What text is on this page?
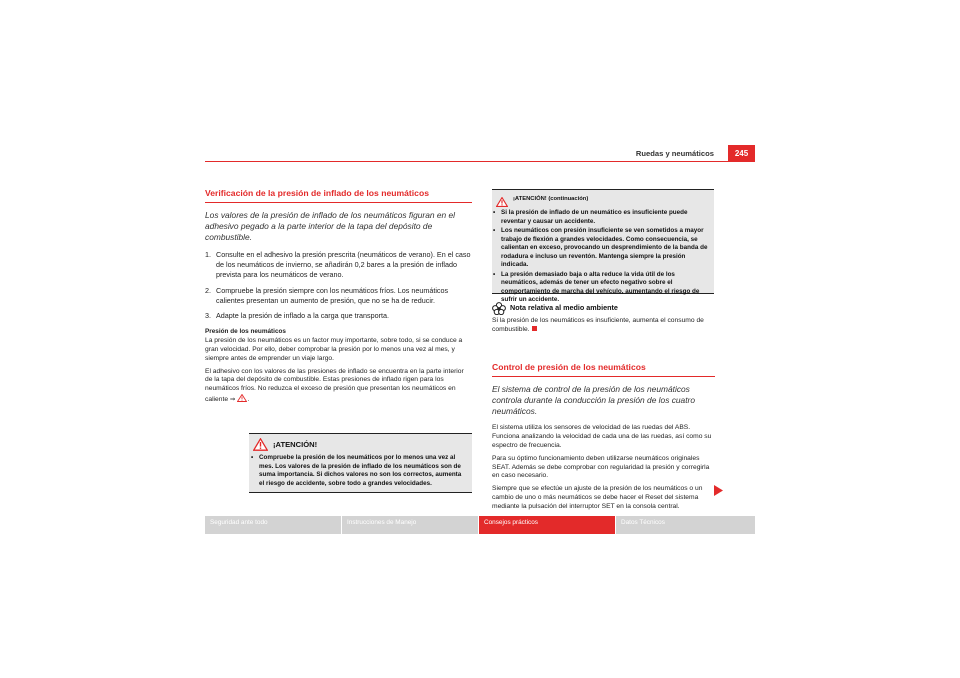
Ruedas y neumáticos	245
Verificación de la presión de inflado de los neumáticos
Los valores de la presión de inflado de los neumáticos figuran en el adhesivo pegado a la parte interior de la tapa del depósito de combustible.
1. Consulte en el adhesivo la presión prescrita (neumáticos de verano). En el caso de los neumáticos de invierno, se añadirán 0,2 bares a la presión de inflado prevista para los neumáticos de verano.
2. Compruebe la presión siempre con los neumáticos fríos. Los neumáticos calientes presentan un aumento de presión, que no se ha de reducir.
3. Adapte la presión de inflado a la carga que transporta.
Presión de los neumáticos

La presión de los neumáticos es un factor muy importante, sobre todo, si se conduce a gran velocidad. Por ello, deber comprobar la presión por lo menos una vez al mes, y siempre antes de emprender un viaje largo.

El adhesivo con los valores de las presiones de inflado se encuentra en la parte interior de la tapa del depósito de combustible. Estas presiones de inflado rigen para los neumáticos fríos. No reduzca el exceso de presión que presentan los neumáticos en caliente ⇒ .

¡ATENCIÓN!
• Compruebe la presión de los neumáticos por lo menos una vez al mes. Los valores de la presión de inflado de los neumáticos son de suma importancia. Si dichos valores no son los correctos, aumenta el riesgo de accidente, sobre todo a grandes velocidades.
¡ATENCIÓN! (continuación)
• Si la presión de inflado de un neumático es insuficiente puede reventar y causar un accidente.
• Los neumáticos con presión insuficiente se ven sometidos a mayor trabajo de flexión a grandes velocidades. Como consecuencia, se calientan en exceso, provocando un desprendimiento de la banda de rodadura e incluso un reventón. Mantenga siempre la presión indicada.
• La presión demasiado baja o alta reduce la vida útil de los neumáticos, además de tener un efecto negativo sobre el comportamiento de marcha del vehículo, aumentando el riesgo de sufrir un accidente.
Nota relativa al medio ambiente

Si la presión de los neumáticos es insuficiente, aumenta el consumo de combustible.

Control de presión de los neumáticos
El sistema de control de la presión de los neumáticos controla durante la conducción la presión de los cuatro neumáticos.

El sistema utiliza los sensores de velocidad de las ruedas del ABS. Funciona analizando la velocidad de cada una de las ruedas, así como su espectro de frecuencia.

Para su óptimo funcionamiento deben utilizarse neumáticos originales SEAT. Además se debe comprobar con regularidad la presión y corregirla en caso necesario.

Siempre que se efectúe un ajuste de la presión de los neumáticos o un cambio de uno o más neumáticos se debe hacer el Reset del sistema mediante la pulsación del interruptor SET en la consola central.

Seguridad ante todo	Instrucciones de Manejo	Consejos prácticos	Datos Técnicos
